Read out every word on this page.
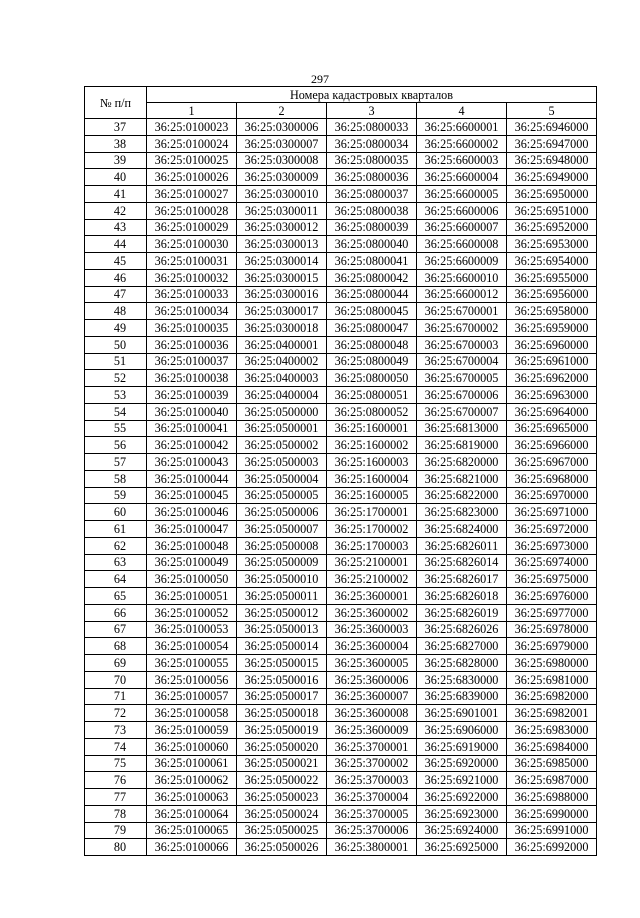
297
№ п/п	Номера кадастровых кварталов				
	1	2	3	4	5
37	36:25:0100023	36:25:0300006	36:25:0800033	36:25:6600001	36:25:6946000
38	36:25:0100024	36:25:0300007	36:25:0800034	36:25:6600002	36:25:6947000
39	36:25:0100025	36:25:0300008	36:25:0800035	36:25:6600003	36:25:6948000
40	36:25:0100026	36:25:0300009	36:25:0800036	36:25:6600004	36:25:6949000
41	36:25:0100027	36:25:0300010	36:25:0800037	36:25:6600005	36:25:6950000
42	36:25:0100028	36:25:0300011	36:25:0800038	36:25:6600006	36:25:6951000
43	36:25:0100029	36:25:0300012	36:25:0800039	36:25:6600007	36:25:6952000
44	36:25:0100030	36:25:0300013	36:25:0800040	36:25:6600008	36:25:6953000
45	36:25:0100031	36:25:0300014	36:25:0800041	36:25:6600009	36:25:6954000
46	36:25:0100032	36:25:0300015	36:25:0800042	36:25:6600010	36:25:6955000
47	36:25:0100033	36:25:0300016	36:25:0800044	36:25:6600012	36:25:6956000
48	36:25:0100034	36:25:0300017	36:25:0800045	36:25:6700001	36:25:6958000
49	36:25:0100035	36:25:0300018	36:25:0800047	36:25:6700002	36:25:6959000
50	36:25:0100036	36:25:0400001	36:25:0800048	36:25:6700003	36:25:6960000
51	36:25:0100037	36:25:0400002	36:25:0800049	36:25:6700004	36:25:6961000
52	36:25:0100038	36:25:0400003	36:25:0800050	36:25:6700005	36:25:6962000
53	36:25:0100039	36:25:0400004	36:25:0800051	36:25:6700006	36:25:6963000
54	36:25:0100040	36:25:0500000	36:25:0800052	36:25:6700007	36:25:6964000
55	36:25:0100041	36:25:0500001	36:25:1600001	36:25:6813000	36:25:6965000
56	36:25:0100042	36:25:0500002	36:25:1600002	36:25:6819000	36:25:6966000
57	36:25:0100043	36:25:0500003	36:25:1600003	36:25:6820000	36:25:6967000
58	36:25:0100044	36:25:0500004	36:25:1600004	36:25:6821000	36:25:6968000
59	36:25:0100045	36:25:0500005	36:25:1600005	36:25:6822000	36:25:6970000
60	36:25:0100046	36:25:0500006	36:25:1700001	36:25:6823000	36:25:6971000
61	36:25:0100047	36:25:0500007	36:25:1700002	36:25:6824000	36:25:6972000
62	36:25:0100048	36:25:0500008	36:25:1700003	36:25:6826011	36:25:6973000
63	36:25:0100049	36:25:0500009	36:25:2100001	36:25:6826014	36:25:6974000
64	36:25:0100050	36:25:0500010	36:25:2100002	36:25:6826017	36:25:6975000
65	36:25:0100051	36:25:0500011	36:25:3600001	36:25:6826018	36:25:6976000
66	36:25:0100052	36:25:0500012	36:25:3600002	36:25:6826019	36:25:6977000
67	36:25:0100053	36:25:0500013	36:25:3600003	36:25:6826026	36:25:6978000
68	36:25:0100054	36:25:0500014	36:25:3600004	36:25:6827000	36:25:6979000
69	36:25:0100055	36:25:0500015	36:25:3600005	36:25:6828000	36:25:6980000
70	36:25:0100056	36:25:0500016	36:25:3600006	36:25:6830000	36:25:6981000
71	36:25:0100057	36:25:0500017	36:25:3600007	36:25:6839000	36:25:6982000
72	36:25:0100058	36:25:0500018	36:25:3600008	36:25:6901001	36:25:6982001
73	36:25:0100059	36:25:0500019	36:25:3600009	36:25:6906000	36:25:6983000
74	36:25:0100060	36:25:0500020	36:25:3700001	36:25:6919000	36:25:6984000
75	36:25:0100061	36:25:0500021	36:25:3700002	36:25:6920000	36:25:6985000
76	36:25:0100062	36:25:0500022	36:25:3700003	36:25:6921000	36:25:6987000
77	36:25:0100063	36:25:0500023	36:25:3700004	36:25:6922000	36:25:6988000
78	36:25:0100064	36:25:0500024	36:25:3700005	36:25:6923000	36:25:6990000
79	36:25:0100065	36:25:0500025	36:25:3700006	36:25:6924000	36:25:6991000
80	36:25:0100066	36:25:0500026	36:25:3800001	36:25:6925000	36:25:6992000
